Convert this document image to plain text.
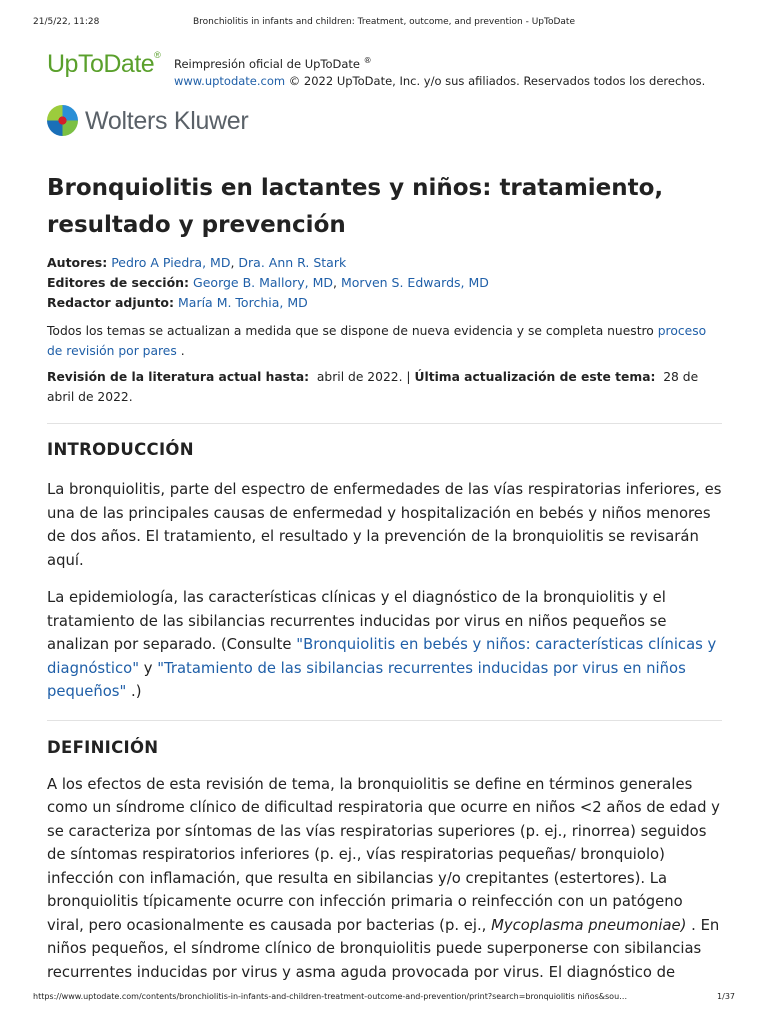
21/5/22, 11:28	Bronchiolitis in infants and children: Treatment, outcome, and prevention - UpToDate
UpToDate®
Reimpresión oficial de UpToDate ®
www.uptodate.com © 2022 UpToDate, Inc. y/o sus afiliados. Reservados todos los derechos.
Wolters Kluwer
Bronquiolitis en lactantes y niños: tratamiento, resultado y prevención
Autores: Pedro A Piedra, MD, Dra. Ann R. Stark
Editores de sección: George B. Mallory, MD, Morven S. Edwards, MD
Redactor adjunto: María M. Torchia, MD
Todos los temas se actualizan a medida que se dispone de nueva evidencia y se completa nuestro proceso de revisión por pares .
Revisión de la literatura actual hasta: abril de 2022. | Última actualización de este tema: 28 de abril de 2022.
INTRODUCCIÓN

La bronquiolitis, parte del espectro de enfermedades de las vías respiratorias inferiores, es una de las principales causas de enfermedad y hospitalización en bebés y niños menores de dos años. El tratamiento, el resultado y la prevención de la bronquiolitis se revisarán aquí.

La epidemiología, las características clínicas y el diagnóstico de la bronquiolitis y el tratamiento de las sibilancias recurrentes inducidas por virus en niños pequeños se analizan por separado. (Consulte "Bronquiolitis en bebés y niños: características clínicas y diagnóstico" y "Tratamiento de las sibilancias recurrentes inducidas por virus en niños pequeños" .)

DEFINICIÓN

A los efectos de esta revisión de tema, la bronquiolitis se define en términos generales como un síndrome clínico de dificultad respiratoria que ocurre en niños <2 años de edad y se caracteriza por síntomas de las vías respiratorias superiores (p. ej., rinorrea) seguidos de síntomas respiratorios inferiores (p. ej., vías respiratorias pequeñas/ bronquiolo) infección con inflamación, que resulta en sibilancias y/o crepitantes (estertores). La bronquiolitis típicamente ocurre con infección primaria o reinfección con un patógeno viral, pero ocasionalmente es causada por bacterias (p. ej., Mycoplasma pneumoniae) . En niños pequeños, el síndrome clínico de bronquiolitis puede superponerse con sibilancias recurrentes inducidas por virus y asma aguda provocada por virus. El diagnóstico de

https://www.uptodate.com/contents/bronchiolitis-in-infants-and-children-treatment-outcome-and-prevention/print?search=bronquiolitis niños&sou…	1/37
